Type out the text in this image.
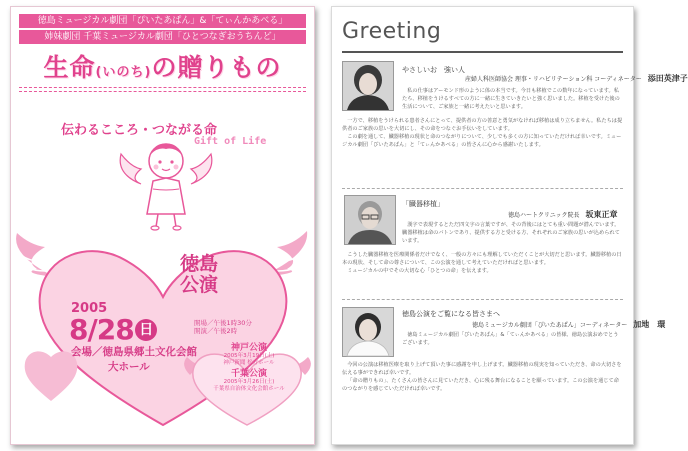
徳島ミュージカル劇団「ぴいたあぱん」&「てぃんかあべる」
姉妹劇団 千葉ミュージカル劇団「ひとつなぎおうちんど」
生命(いのち)の贈りもの
伝わるこころ・つながる命
Gift of Life
徳島
公演
2005
8/28 日	開場／午後1時30分
開演／午後2時
会場／徳島県郷土文化会館
大ホール
神戸公演
2005年3月19日(土)
神戸新聞 松方ホール
千葉公演
2005年3月26日(土)
千葉県自治体文化会館ホール
Greeting
やさしいお　強い人
産婦人科医師協会 理事・リハビリテーション科 コーディネーター 添田英津子

私の仕事はアーモンド形のように体の本当です。今日も移植でこの数年になっています。私たち、移植をうけるすべての方に一緒に生きていきたいと強く思いました。移植を受けた後の生活について、ご家族と一緒に考えたいと思います。

一方で、移植をうけられる患者さんにとって、提供者の方の善意と勇気がなければ移植は成り立ちません。私たちは提供者のご家族の思いを大切にし、その命をつなぐお手伝いをしています。

この劇を通して、臓器移植の現状と命のつながりについて、少しでも多くの方に知っていただければ幸いです。ミュージカル劇団「ぴいたあぱん」と「てぃんかあべる」の皆さんに心から感謝いたします。

「臓器移植」
徳島ハートクリニック院長 坂東正章

漢字で表現するとただ四文字の言葉ですが、その背後にはとても重い問題が潜んでいます。臓器移植は命のバトンであり、提供する方と受ける方、それぞれのご家族の思いが込められています。

こうした臓器移植を医療関係者だけでなく、一般の方々にも理解していただくことが大切だと思います。臓器移植の日本の現状、そして命の尊さについて、この公演を通して考えていただければと思います。

ミュージカルの中でその大切な心「ひとつの命」を伝えます。

徳島公演をご覧になる皆さまへ
徳島ミュージカル劇団「ぴいたあぱん」コーディネーター 加地　環

徳島ミュージカル劇団「ぴいたあぱん」&「てぃんかあべる」の皆様、徳島公演おめでとうございます。

今回の公演は移植医療を取り上げて頂いた事に感謝を申し上げます。臓器移植の現実を知っていただき、命の大切さを伝える事ができれば幸いです。

「命の贈りもの」、たくさんの皆さんに見ていただき、心に残る舞台になることを願っています。この公演を通じて命のつながりを感じていただければ幸いです。
